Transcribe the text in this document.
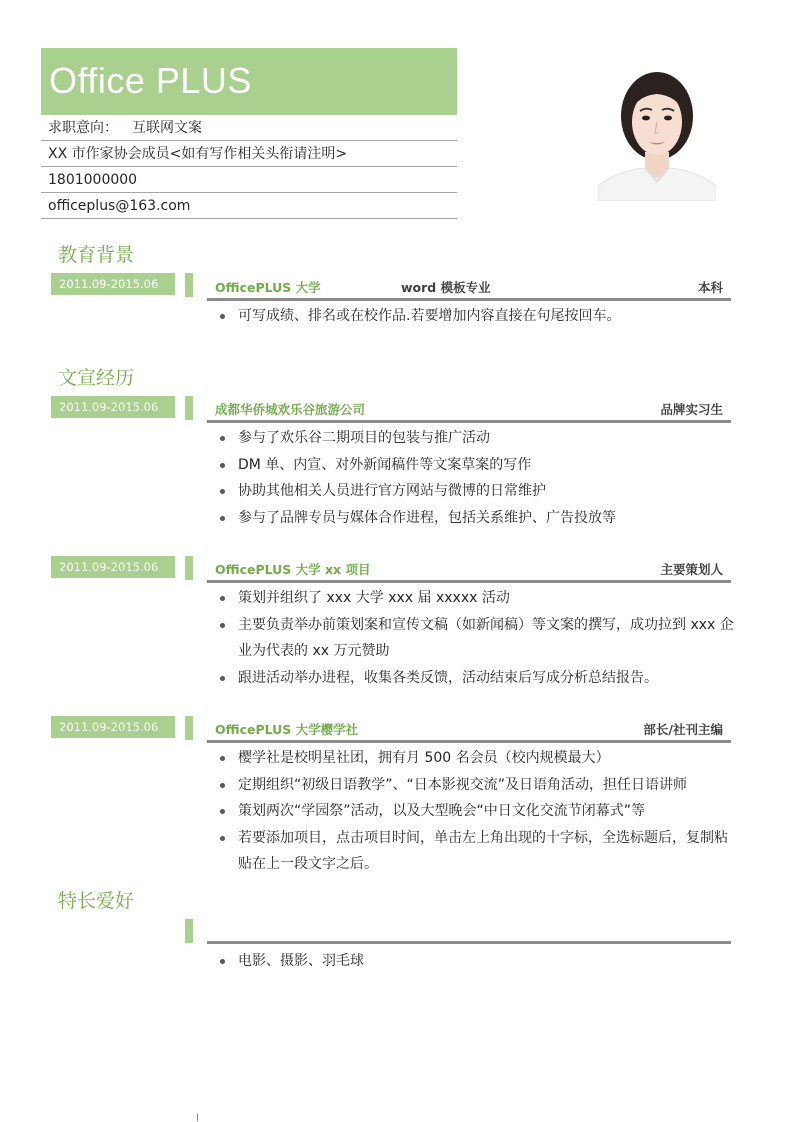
Office PLUS
求职意向： 互联网文案
XX 市作家协会成员<如有写作相关头衔请注明>
1801000000
officeplus@163.com
教育背景
2011.09-2015.06	OfficePLUS 大学	word 模板专业	本科
可写成绩、排名或在校作品.若要增加内容直接在句尾按回车。
文宣经历
2011.09-2015.06	成都华侨城欢乐谷旅游公司	品牌实习生
参与了欢乐谷二期项目的包装与推广活动
DM 单、内宣、对外新闻稿件等文案草案的写作
协助其他相关人员进行官方网站与微博的日常维护
参与了品牌专员与媒体合作进程，包括关系维护、广告投放等
2011.09-2015.06	OfficePLUS 大学 xx 项目	主要策划人
策划并组织了 xxx 大学 xxx 届 xxxxx 活动
主要负责举办前策划案和宣传文稿（如新闻稿）等文案的撰写，成功拉到 xxx 企业为代表的 xx 万元赞助
跟进活动举办进程，收集各类反馈，活动结束后写成分析总结报告。
2011.09-2015.06	OfficePLUS 大学樱学社	部长/社刊主编
樱学社是校明星社团，拥有月 500 名会员（校内规模最大）
定期组织“初级日语教学”、“日本影视交流”及日语角活动，担任日语讲师
策划两次“学园祭”活动，以及大型晚会“中日文化交流节闭幕式”等
若要添加项目，点击项目时间，单击左上角出现的十字标，全选标题后，复制粘贴在上一段文字之后。
特长爱好
电影、摄影、羽毛球
